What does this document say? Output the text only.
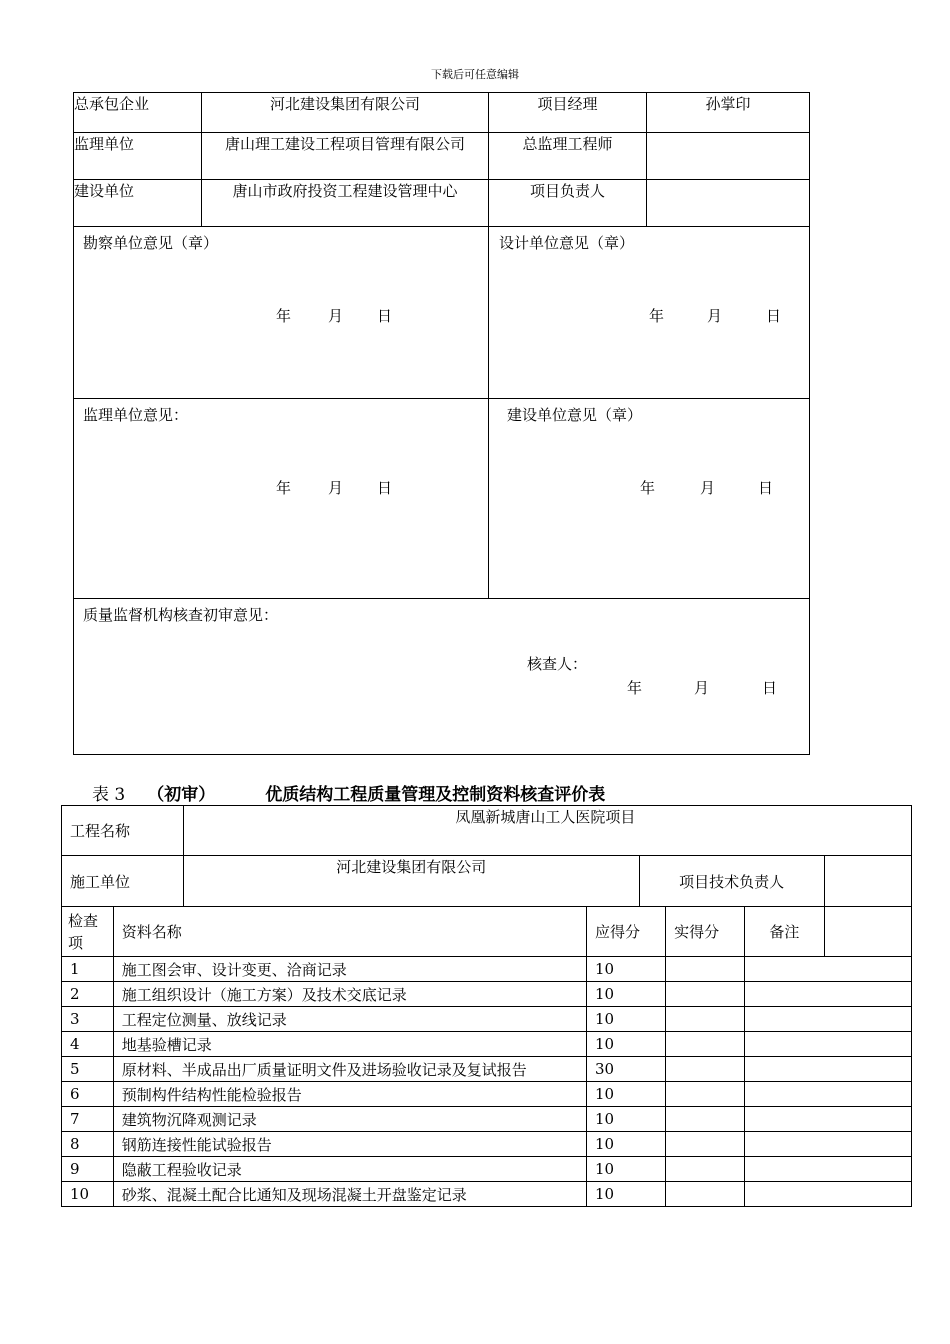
下载后可任意编辑
总承包企业	河北建设集团有限公司	项目经理	孙掌印
监理单位	唐山理工建设工程项目管理有限公司	总监理工程师	
建设单位	唐山市政府投资工程建设管理中心	项目负责人	

勘察单位意见（章）
年 月 日		设计单位意见（章）
年 月 日	

监理单位意见：
年 月 日		建设单位意见（章）
年 月 日	

质量监督机构核查初审意见：
核查人：
年 月 日			
表 3 （初审）	优质结构工程质量管理及控制资料核查评价表
工程名称		凤凰新城唐山工人医院项目					
施工单位		河北建设集团有限公司		项目技术负责人			
检查项	资料名称		应得分		实得分	备注	
1	施工图会审、设计变更、洽商记录		10				
2	施工组织设计（施工方案）及技术交底记录		10				
3	工程定位测量、放线记录		10				
4	地基验槽记录		10				
5	原材料、半成品出厂质量证明文件及进场验收记录及复试报告		30				
6	预制构件结构性能检验报告		10				
7	建筑物沉降观测记录		10				
8	钢筋连接性能试验报告		10				
9	隐蔽工程验收记录		10				
10	砂浆、混凝土配合比通知及现场混凝土开盘鉴定记录		10				
